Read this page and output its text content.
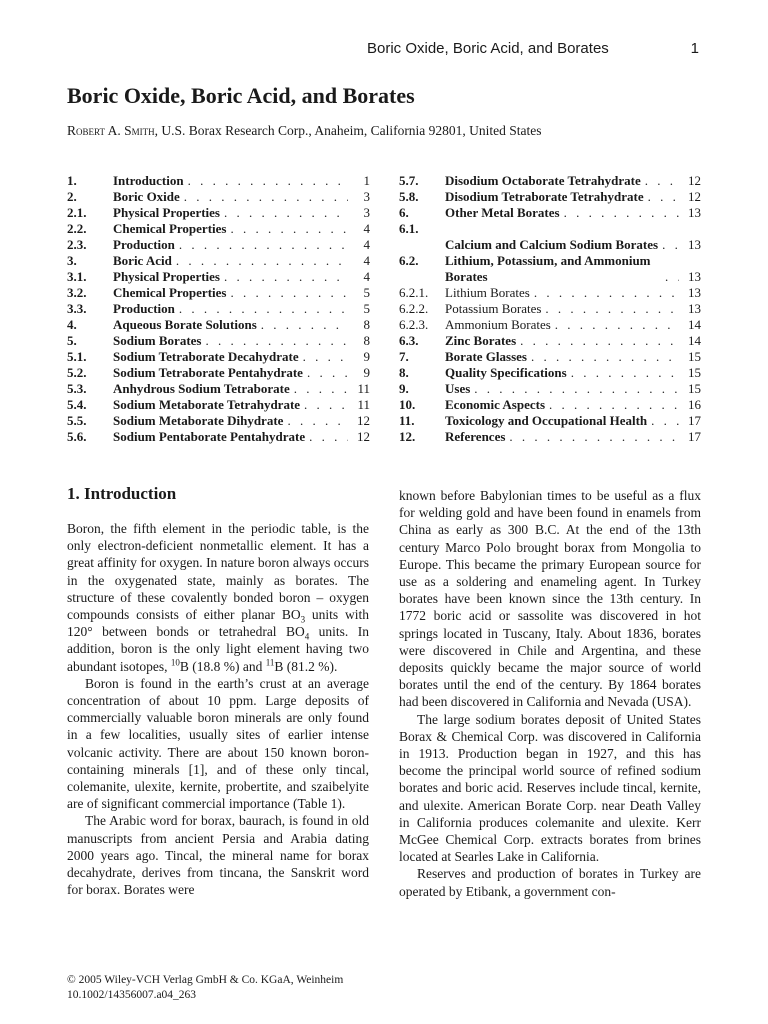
Boric Oxide, Boric Acid, and Borates	1
Boric Oxide, Boric Acid, and Borates
Robert A. Smith, U.S. Borax Research Corp., Anaheim, California 92801, United States
1.	Introduction . . .	1
2.	Boric Oxide . . .	3
2.1.	Physical Properties . . .	3
2.2.	Chemical Properties . . .	4
2.3.	Production . . .	4
3.	Boric Acid . . .	4
3.1.	Physical Properties . . .	4
3.2.	Chemical Properties . . .	5
3.3.	Production . . .	5
4.	Aqueous Borate Solutions . . .	8
5.	Sodium Borates . . .	8
5.1.	Sodium Tetraborate Decahydrate . . .	9
5.2.	Sodium Tetraborate Pentahydrate . . .	9
5.3.	Anhydrous Sodium Tetraborate . . .	11
5.4.	Sodium Metaborate Tetrahydrate . . .	11
5.5.	Sodium Metaborate Dihydrate . . .	12
5.6.	Sodium Pentaborate Pentahydrate . . .	12
5.7.	Disodium Octaborate Tetrahydrate . . .	12
5.8.	Disodium Tetraborate Tetrahydrate . . .	12
6.	Other Metal Borates . . .	13
6.1.
Calcium and Calcium Sodium Borates . . .	13
6.2.	Lithium, Potassium, and Ammonium Borates . . .	13
6.2.1.	Lithium Borates . . .	13
6.2.2.	Potassium Borates . . .	13
6.2.3.	Ammonium Borates . . .	14
6.3.	Zinc Borates . . .	14
7.	Borate Glasses . . .	15
8.	Quality Specifications . . .	15
9.	Uses . . .	15
10.	Economic Aspects . . .	16
11.	Toxicology and Occupational Health . . .	17
12.	References . . .	17
1. Introduction

Boron, the fifth element in the periodic table, is the only electron-deficient nonmetallic element. It has a great affinity for oxygen. In nature boron always occurs in the oxygenated state, mainly as borates. The structure of these covalently bonded boron – oxygen compounds consists of either planar $BO_3$ units with 120° between bonds or tetrahedral $BO_4$ units. In addition, boron is the only light element having two abundant isotopes, $^{10}$B (18.8 %) and $^{11}$B (81.2 %).

Boron is found in the earth’s crust at an average concentration of about 10 ppm. Large deposits of commercially valuable boron minerals are only found in a few localities, usually sites of earlier intense volcanic activity. There are about 150 known boron-containing minerals [1], and of these only tincal, colemanite, ulexite, kernite, probertite, and szaibelyite are of significant commercial importance (Table 1).

The Arabic word for borax, baurach, is found in old manuscripts from ancient Persia and Arabia dating 2000 years ago. Tincal, the mineral name for borax decahydrate, derives from tincana, the Sanskrit word for borax. Borates were

known before Babylonian times to be useful as a flux for welding gold and have been found in enamels from China as early as 300 B.C. At the end of the 13th century Marco Polo brought borax from Mongolia to Europe. This became the primary European source for use as a soldering and enameling agent. In Turkey borates have been known since the 13th century. In 1772 boric acid or sassolite was discovered in hot springs located in Tuscany, Italy. About 1836, borates were discovered in Chile and Argentina, and these deposits quickly became the major source of world borates until the end of the century. By 1864 borates had been discovered in California and Nevada (USA).

The large sodium borates deposit of United States Borax & Chemical Corp. was discovered in California in 1913. Production began in 1927, and this has become the principal world source of refined sodium borates and boric acid. Reserves include tincal, kernite, and ulexite. American Borate Corp. near Death Valley in California produces colemanite and ulexite. Kerr McGee Chemical Corp. extracts borates from brines located at Searles Lake in California.

Reserves and production of borates in Turkey are operated by Etibank, a government con-

© 2005 Wiley-VCH Verlag GmbH & Co. KGaA, Weinheim
10.1002/14356007.a04_263
